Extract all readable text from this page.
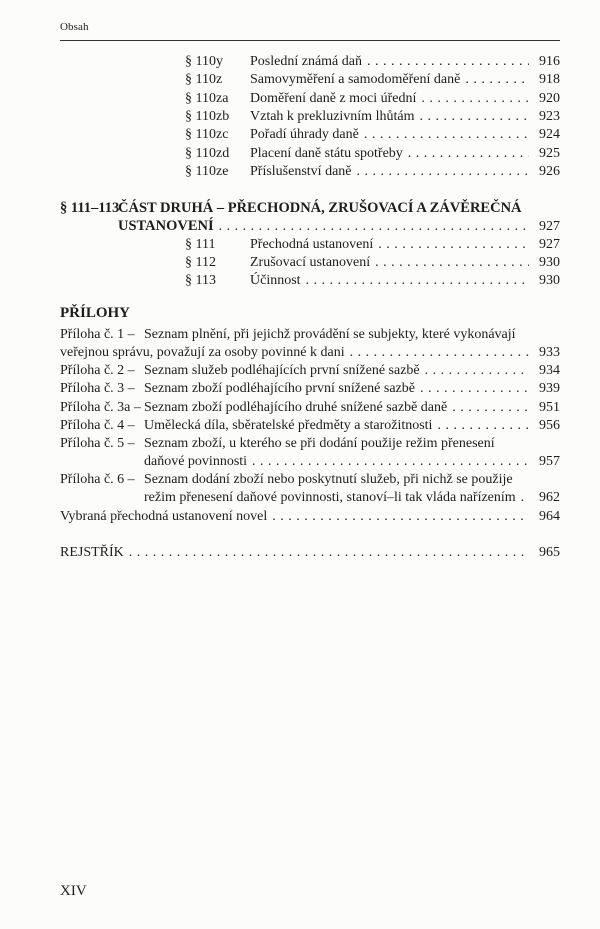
Obsah
§ 110y	Poslední známá daň . . .	916
§ 110z	Samovyměření a samodoměření daně . . .	918
§ 110za	Doměření daně z moci úřední . . .	920
§ 110zb	Vztah k prekluzivním lhůtám . . .	923
§ 110zc	Pořadí úhrady daně . . .	924
§ 110zd	Placení daně státu spotřeby . . .	925
§ 110ze	Příslušenství daně . . .	926
§ 111–113
ČÁST DRUHÁ – PŘECHODNÁ, ZRUŠOVACÍ A ZÁVĚREČNÁ
USTANOVENÍ . . .	927
§ 111	Přechodná ustanovení . . .	927
§ 112	Zrušovací ustanovení . . .	930
§ 113	Účinnost . . .	930
PŘÍLOHY
Příloha č. 1 – Seznam plnění, při jejichž provádění se subjekty, které vykonávají
veřejnou správu, považují za osoby povinné k dani . . .	933
Příloha č. 2 – Seznam služeb podléhajících první snížené sazbě . . .	934
Příloha č. 3 – Seznam zboží podléhajícího první snížené sazbě . . .	939
Příloha č. 3a – Seznam zboží podléhajícího druhé snížené sazbě daně . . .	951
Příloha č. 4 – Umělecká díla, sběratelské předměty a starožitnosti . . .	956
Příloha č. 5 – Seznam zboží, u kterého se při dodání použije režim přenesení
daňové povinnosti . . .	957
Příloha č. 6 – Seznam dodání zboží nebo poskytnutí služeb, při nichž se použije
režim přenesení daňové povinnosti, stanoví–li tak vláda nařízením . . .	962
Vybraná přechodná ustanovení novel . . .	964
REJSTŘÍK . . .	965
XIV
